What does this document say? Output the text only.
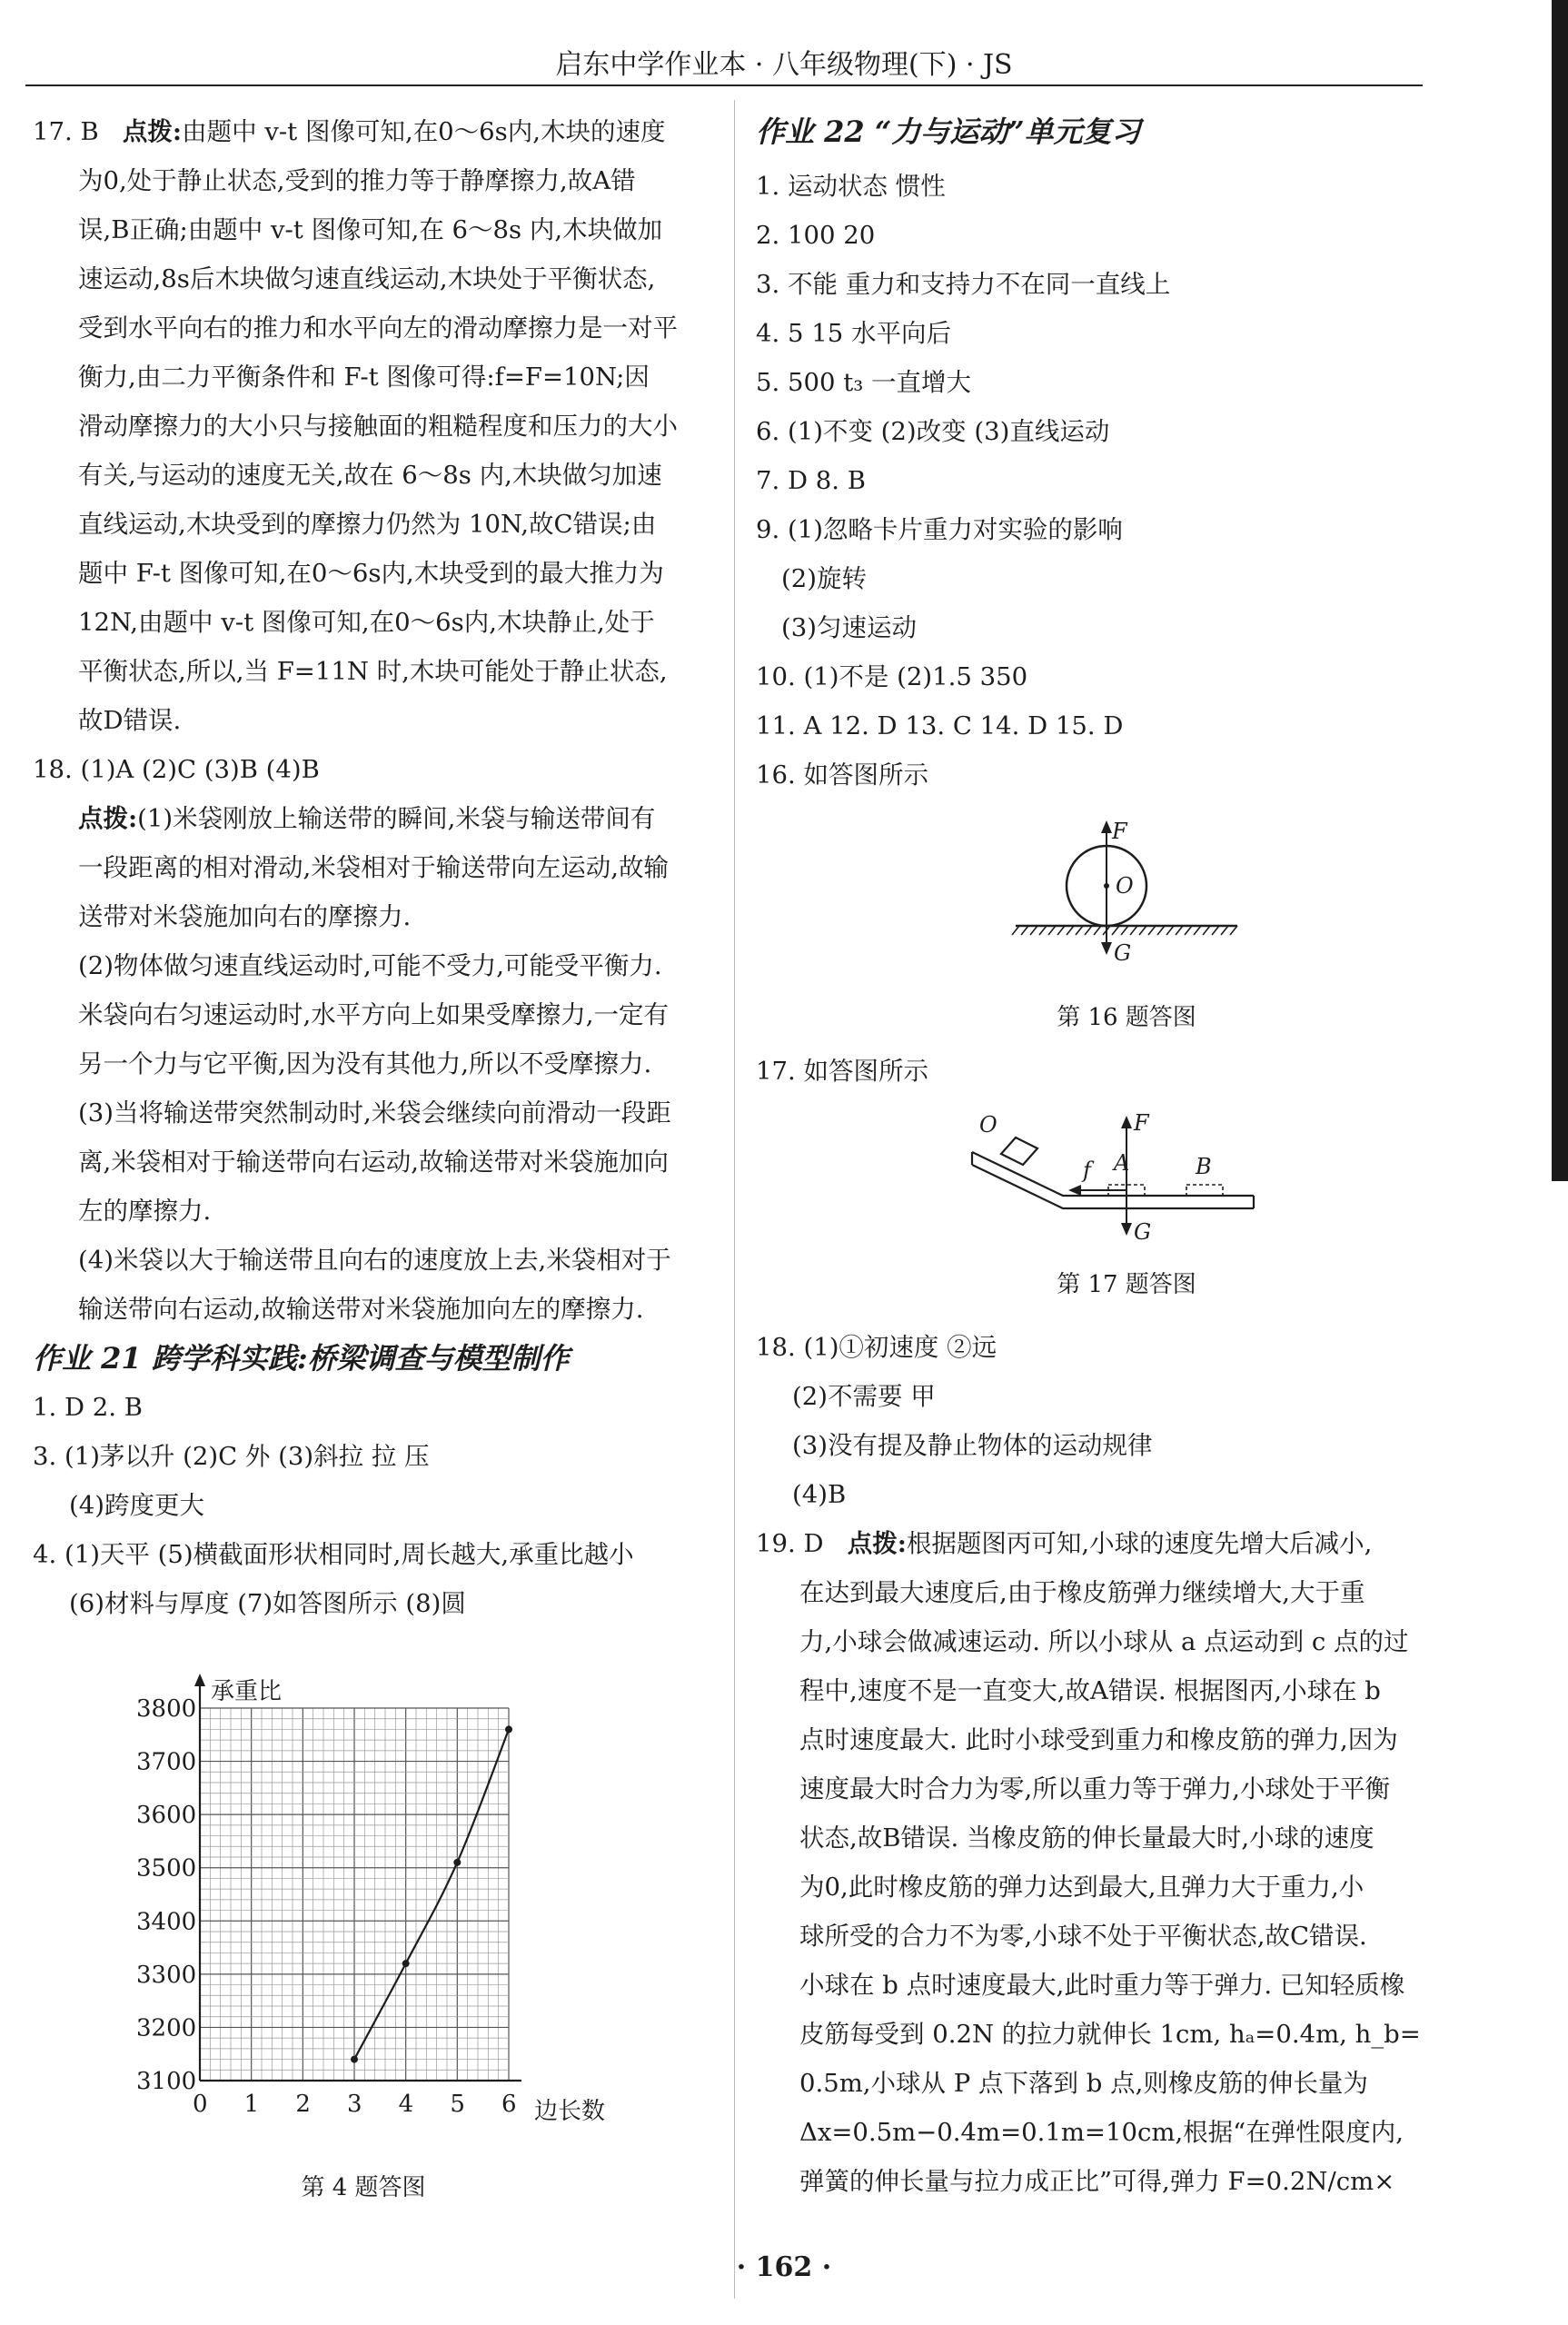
启东中学作业本 · 八年级物理(下) · JS
17. B 点拨:由题中 v-t 图像可知,在0～6s内,木块的速度
为0,处于静止状态,受到的推力等于静摩擦力,故A错
误,B正确;由题中 v-t 图像可知,在 6～8s 内,木块做加
速运动,8s后木块做匀速直线运动,木块处于平衡状态,
受到水平向右的推力和水平向左的滑动摩擦力是一对平
衡力,由二力平衡条件和 F-t 图像可得:f=F=10N;因
滑动摩擦力的大小只与接触面的粗糙程度和压力的大小
有关,与运动的速度无关,故在 6～8s 内,木块做匀加速
直线运动,木块受到的摩擦力仍然为 10N,故C错误;由
题中 F-t 图像可知,在0～6s内,木块受到的最大推力为
12N,由题中 v-t 图像可知,在0～6s内,木块静止,处于
平衡状态,所以,当 F=11N 时,木块可能处于静止状态,
故D错误.
18. (1)A (2)C (3)B (4)B
点拨:(1)米袋刚放上输送带的瞬间,米袋与输送带间有
一段距离的相对滑动,米袋相对于输送带向左运动,故输
送带对米袋施加向右的摩擦力.
(2)物体做匀速直线运动时,可能不受力,可能受平衡力.
米袋向右匀速运动时,水平方向上如果受摩擦力,一定有
另一个力与它平衡,因为没有其他力,所以不受摩擦力.
(3)当将输送带突然制动时,米袋会继续向前滑动一段距
离,米袋相对于输送带向右运动,故输送带对米袋施加向
左的摩擦力.
(4)米袋以大于输送带且向右的速度放上去,米袋相对于
输送带向右运动,故输送带对米袋施加向左的摩擦力.
作业 21 跨学科实践:桥梁调查与模型制作
1. D 2. B
3. (1)茅以升 (2)C 外 (3)斜拉 拉 压
(4)跨度更大
4. (1)天平 (5)横截面形状相同时,周长越大,承重比越小
(6)材料与厚度 (7)如答图所示 (8)圆
0 1 2 3 4 5 6
3100
3200
3300
3400
3500
3600
3700
3800
承重比
边长数
第 4 题答图
作业 22 “力与运动”单元复习
1. 运动状态 惯性
2. 100 20
3. 不能 重力和支持力不在同一直线上
4. 5 15 水平向后
5. 500 t₃ 一直增大
6. (1)不变 (2)改变 (3)直线运动
7. D 8. B
9. (1)忽略卡片重力对实验的影响
(2)旋转
(3)匀速运动
10. (1)不是 (2)1.5 350
11. A 12. D 13. C 14. D 15. D
16. 如答图所示
F
O
G
第 16 题答图
17. 如答图所示
O
A	B
F
G
f
第 17 题答图
18. (1)①初速度 ②远
(2)不需要 甲
(3)没有提及静止物体的运动规律
(4)B
19. D 点拨:根据题图丙可知,小球的速度先增大后减小,
在达到最大速度后,由于橡皮筋弹力继续增大,大于重
力,小球会做减速运动. 所以小球从 a 点运动到 c 点的过
程中,速度不是一直变大,故A错误. 根据图丙,小球在 b
点时速度最大. 此时小球受到重力和橡皮筋的弹力,因为
速度最大时合力为零,所以重力等于弹力,小球处于平衡
状态,故B错误. 当橡皮筋的伸长量最大时,小球的速度
为0,此时橡皮筋的弹力达到最大,且弹力大于重力,小
球所受的合力不为零,小球不处于平衡状态,故C错误.
小球在 b 点时速度最大,此时重力等于弹力. 已知轻质橡
皮筋每受到 0.2N 的拉力就伸长 1cm, hₐ=0.4m, h_b=
0.5m,小球从 P 点下落到 b 点,则橡皮筋的伸长量为
Δx=0.5m−0.4m=0.1m=10cm,根据“在弹性限度内,
弹簧的伸长量与拉力成正比”可得,弹力 F=0.2N/cm×
· 162 ·
